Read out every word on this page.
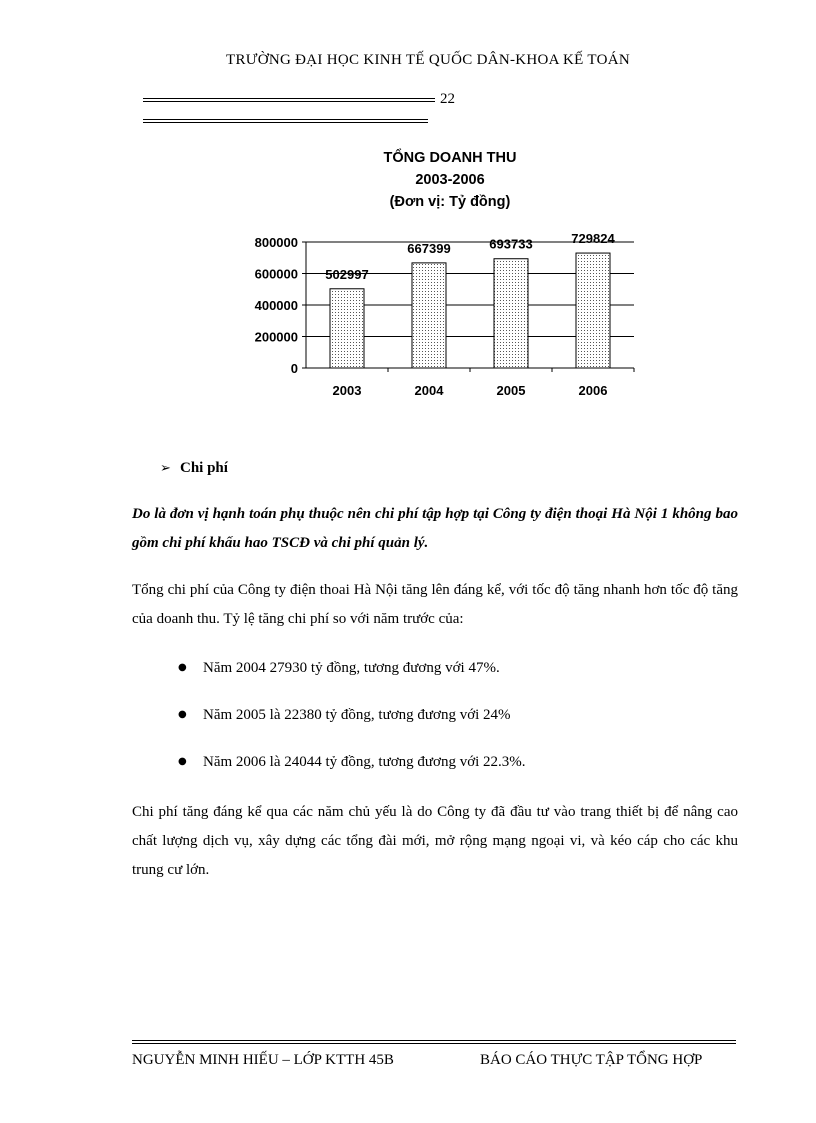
TRƯỜNG ĐẠI HỌC KINH TẾ QUỐC DÂN-KHOA KẾ TOÁN
22
TỔNG DOANH THU
2003-2006
(Đơn vị: Tỷ đồng)
0
200000
400000
600000
800000
502997
2003
667399
2004
693733
2005
729824
2006
➢ Chi phí
Do là đơn vị hạnh toán phụ thuộc nên chi phí tập hợp tại Công ty điện thoại Hà Nội 1 không bao gồm chi phí khấu hao TSCĐ và chi phí quản lý.
Tổng chi phí của Công ty điện thoai Hà Nội tăng lên đáng kể, với tốc độ tăng nhanh hơn tốc độ tăng của doanh thu. Tỷ lệ tăng chi phí so với năm trước của:
● Năm 2004 27930 tỷ đồng, tương đương với 47%.
● Năm 2005 là 22380 tỷ đồng, tương đương với 24%
● Năm 2006 là 24044 tỷ đồng, tương đương với 22.3%.
Chi phí tăng đáng kể qua các năm chủ yếu là do Công ty đã đầu tư vào trang thiết bị để nâng cao chất lượng dịch vụ, xây dựng các tổng đài mới, mở rộng mạng ngoại vi, và kéo cáp cho các khu trung cư lớn.
NGUYỄN MINH HIẾU – LỚP KTTH 45B	BÁO CÁO THỰC TẬP TỔNG HỢP
